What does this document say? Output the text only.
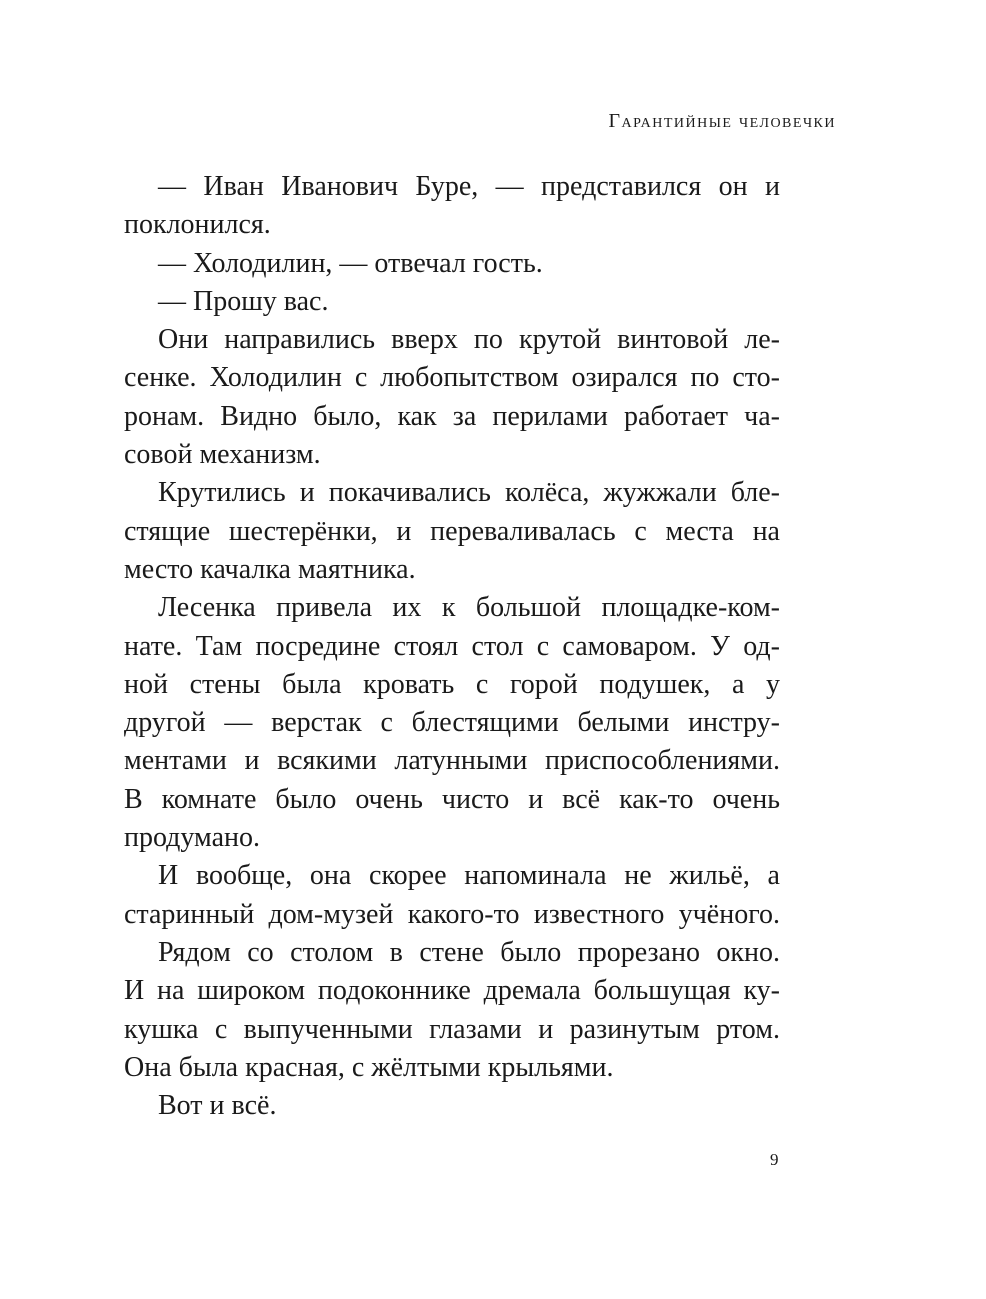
Гарантийные человечки
— Иван Иванович Буре, — представился он и
поклонился.
— Холодилин, — отвечал гость.
— Прошу вас.
Они направились вверх по крутой винтовой ле-
сенке. Холодилин с любопытством озирался по сто-
ронам. Видно было, как за перилами работает ча-
совой механизм.
Крутились и покачивались колёса, жужжали бле-
стящие шестерёнки, и переваливалась с места на
место качалка маятника.
Лесенка привела их к большой площадке-ком-
нате. Там посредине стоял стол с самоваром. У од-
ной стены была кровать с горой подушек, а у
другой — верстак с блестящими белыми инстру-
ментами и всякими латунными приспособлениями.
В комнате было очень чисто и всё как-то очень
продумано.
И вообще, она скорее напоминала не жильё, а
старинный дом-музей какого-то известного учёного.
Рядом со столом в стене было прорезано окно.
И на широком подоконнике дремала большущая ку-
кушка с выпученными глазами и разинутым ртом.
Она была красная, с жёлтыми крыльями.
Вот и всё.
9
